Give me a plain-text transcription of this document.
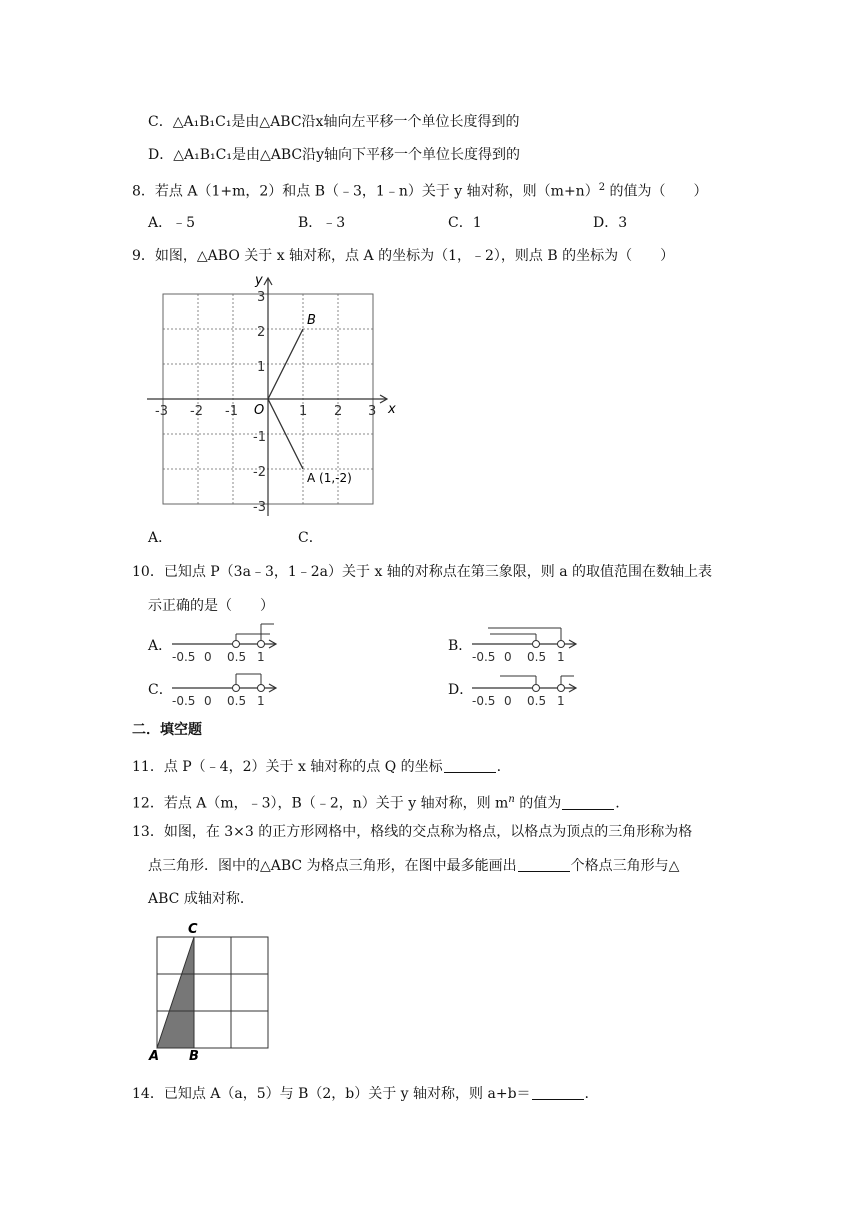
C．△A₁B₁C₁是由△ABC沿x轴向左平移一个单位长度得到的
D．△A₁B₁C₁是由△ABC沿y轴向下平移一个单位长度得到的
8．若点 A（1+m，2）和点 B（﹣3，1﹣n）关于 y 轴对称，则$(m+n)^2$ 的值为（　　）
A．﹣5	B．﹣3	C．1	D．3
9．如图，△ABO 关于 x 轴对称，点 A 的坐标为（1，﹣2），则点 B 的坐标为（　　）
y
x
O
-3 -2 -1	1 2 3
3
2
1
-1
-2
-3
B
A (1,-2)
A．	C．
10．已知点 P（3a﹣3，1﹣2a）关于 x 轴的对称点在第三象限，则 a 的取值范围在数轴上表
示正确的是（　　）
A．
-0.5 0 0.5 1
B．
-0.5 0 0.5 1
C．
-0.5 0 0.5 1
D．
-0.5 0 0.5 1
二．填空题
11．点 P（﹣4，2）关于 x 轴对称的点 Q 的坐标	.
12．若点 A（m，﹣3），B（﹣2，n）关于 y 轴对称，则 $m^n$ 的值为	.
13．如图，在 3×3 的正方形网格中，格线的交点称为格点，以格点为顶点的三角形称为格
点三角形．图中的△ABC 为格点三角形，在图中最多能画出	个格点三角形与△
ABC 成轴对称．
C
A B
14．已知点 A（a，5）与 B（2，b）关于 y 轴对称，则 a+b＝	.
